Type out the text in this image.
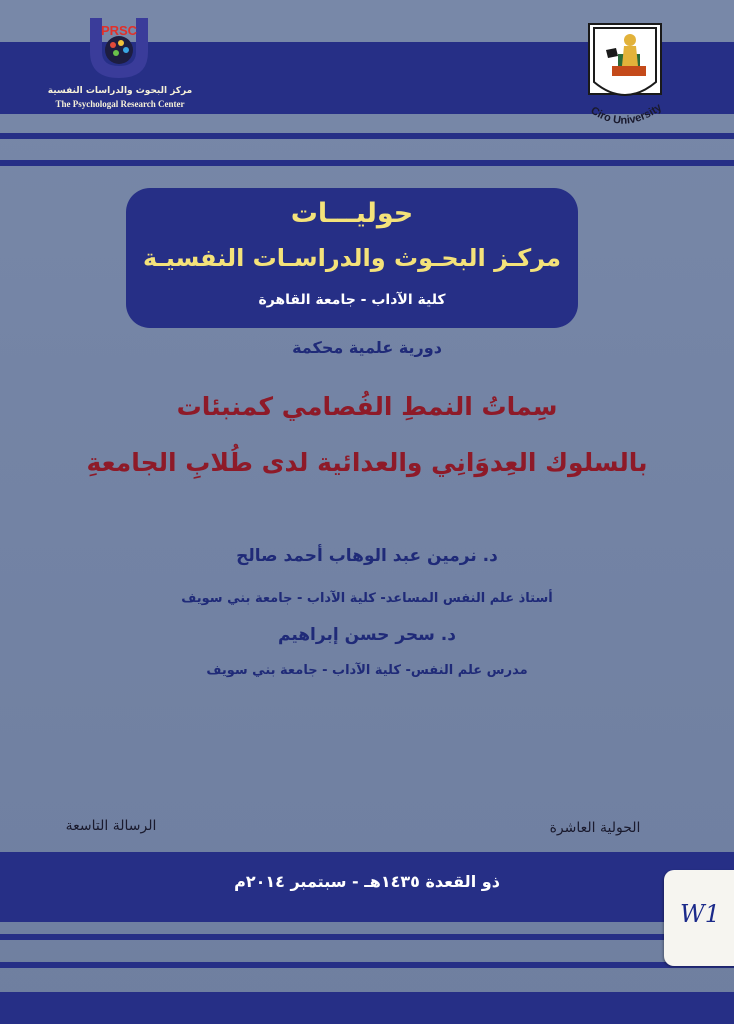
PRSC
مركز البحوث والدراسات النفسية
The Psychologal Research Center
Ciro University
حوليـــات
مركـز البحـوث والدراسـات النفسيـة
كلية الآداب - جامعة القاهرة
دورية علمية محكمة
سِماتُ النمطِ الفُصامي كمنبئات
بالسلوك العِدوَانِي والعدائية لدى طُلابِ الجامعةِ
د. نرمين عبد الوهاب أحمد صالح
أستاذ علم النفس المساعد- كلية الآداب - جامعة بني سويف
د. سحر حسن إبراهيم
مدرس علم النفس- كلية الآداب - جامعة بني سويف
الحولية العاشرة
الرسالة التاسعة
ذو القعدة ١٤٣٥هـ - سبتمبر ٢٠١٤م
W1
